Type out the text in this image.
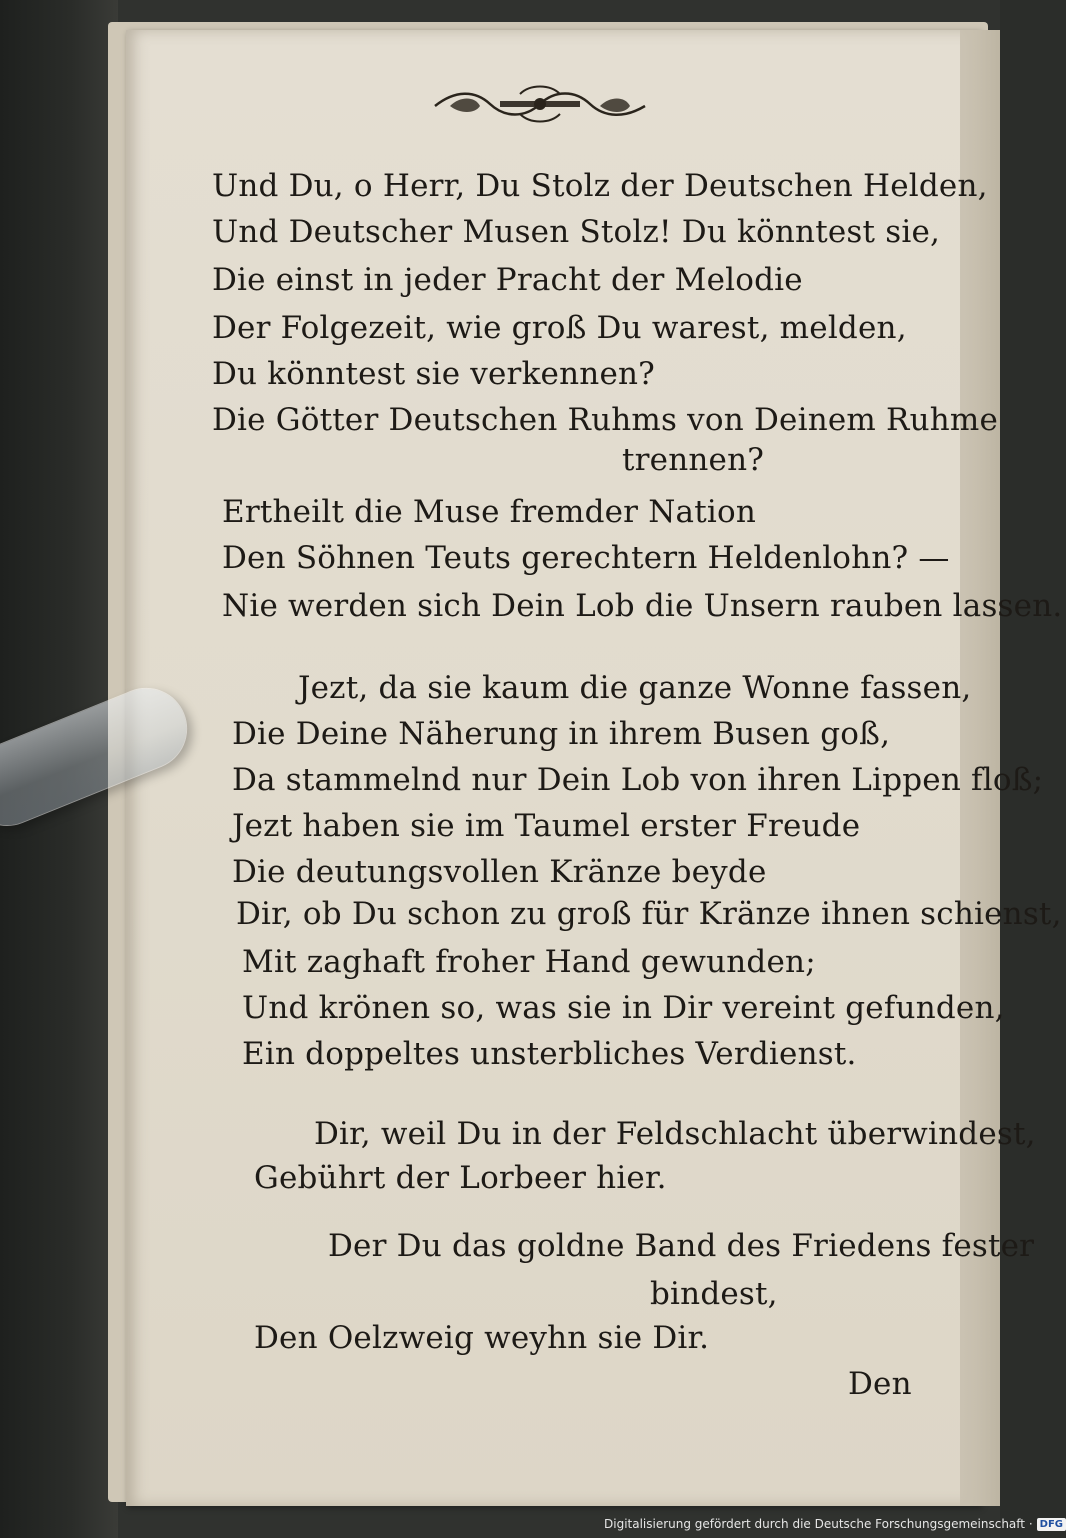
Und Du, o Herr, Du Stolz der Deutschen Helden,
Und Deutscher Musen Stolz! Du könntest sie,
Die einst in jeder Pracht der Melodie
Der Folgezeit, wie groß Du warest, melden,
Du könntest sie verkennen?
Die Götter Deutschen Ruhms von Deinem Ruhme
trennen?
Ertheilt die Muse fremder Nation
Den Söhnen Teuts gerechtern Heldenlohn? —
Nie werden sich Dein Lob die Unsern rauben lassen.
Jezt, da sie kaum die ganze Wonne fassen,
Die Deine Näherung in ihrem Busen goß,
Da stammelnd nur Dein Lob von ihren Lippen floß;
Jezt haben sie im Taumel erster Freude
Die deutungsvollen Kränze beyde
Dir, ob Du schon zu groß für Kränze ihnen schienst,
Mit zaghaft froher Hand gewunden;
Und krönen so, was sie in Dir vereint gefunden,
Ein doppeltes unsterbliches Verdienst.
Dir, weil Du in der Feldschlacht überwindest,
Gebührt der Lorbeer hier.
Der Du das goldne Band des Friedens fester
bindest,
Den Oelzweig weyhn sie Dir.
Den
Digitalisierung gefördert durch die Deutsche Forschungsgemeinschaft · DFG
